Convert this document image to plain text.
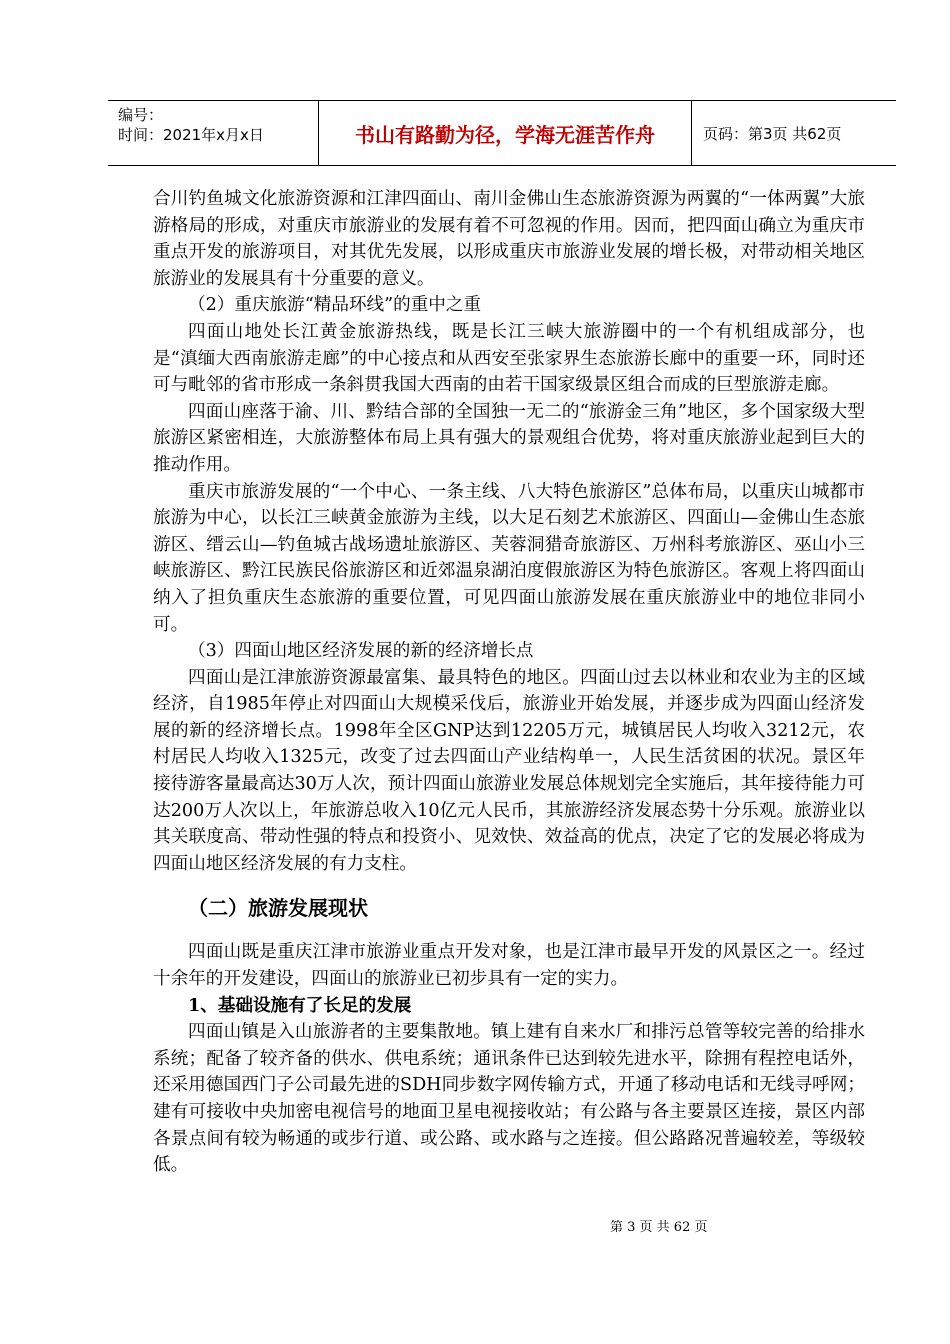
编号：
时间：2021年x月x日	书山有路勤为径，学海无涯苦作舟	页码：第3页 共62页

合川钓鱼城文化旅游资源和江津四面山、南川金佛山生态旅游资源为两翼的“一体两翼”大旅游格局的形成，对重庆市旅游业的发展有着不可忽视的作用。因而，把四面山确立为重庆市重点开发的旅游项目，对其优先发展，以形成重庆市旅游业发展的增长极，对带动相关地区旅游业的发展具有十分重要的意义。

（2）重庆旅游“精品环线”的重中之重

四面山地处长江黄金旅游热线，既是长江三峡大旅游圈中的一个有机组成部分，也是“滇缅大西南旅游走廊”的中心接点和从西安至张家界生态旅游长廊中的重要一环，同时还可与毗邻的省市形成一条斜贯我国大西南的由若干国家级景区组合而成的巨型旅游走廊。

四面山座落于渝、川、黔结合部的全国独一无二的“旅游金三角”地区，多个国家级大型旅游区紧密相连，大旅游整体布局上具有强大的景观组合优势，将对重庆旅游业起到巨大的推动作用。

重庆市旅游发展的“一个中心、一条主线、八大特色旅游区”总体布局，以重庆山城都市旅游为中心，以长江三峡黄金旅游为主线，以大足石刻艺术旅游区、四面山—金佛山生态旅游区、缙云山—钓鱼城古战场遗址旅游区、芙蓉洞猎奇旅游区、万州科考旅游区、巫山小三峡旅游区、黔江民族民俗旅游区和近郊温泉湖泊度假旅游区为特色旅游区。客观上将四面山纳入了担负重庆生态旅游的重要位置，可见四面山旅游发展在重庆旅游业中的地位非同小可。

（3）四面山地区经济发展的新的经济增长点

四面山是江津旅游资源最富集、最具特色的地区。四面山过去以林业和农业为主的区域经济，自1985年停止对四面山大规模采伐后，旅游业开始发展，并逐步成为四面山经济发展的新的经济增长点。1998年全区GNP达到12205万元，城镇居民人均收入3212元，农村居民人均收入1325元，改变了过去四面山产业结构单一，人民生活贫困的状况。景区年接待游客量最高达30万人次，预计四面山旅游业发展总体规划完全实施后，其年接待能力可达200万人次以上，年旅游总收入10亿元人民币，其旅游经济发展态势十分乐观。旅游业以其关联度高、带动性强的特点和投资小、见效快、效益高的优点，决定了它的发展必将成为四面山地区经济发展的有力支柱。

（二）旅游发展现状

四面山既是重庆江津市旅游业重点开发对象，也是江津市最早开发的风景区之一。经过十余年的开发建设，四面山的旅游业已初步具有一定的实力。

1、基础设施有了长足的发展

四面山镇是入山旅游者的主要集散地。镇上建有自来水厂和排污总管等较完善的给排水系统；配备了较齐备的供水、供电系统；通讯条件已达到较先进水平，除拥有程控电话外，还采用德国西门子公司最先进的SDH同步数字网传输方式，开通了移动电话和无线寻呼网；建有可接收中央加密电视信号的地面卫星电视接收站；有公路与各主要景区连接，景区内部各景点间有较为畅通的或步行道、或公路、或水路与之连接。但公路路况普遍较差，等级较低。

第 3 页 共 62 页
